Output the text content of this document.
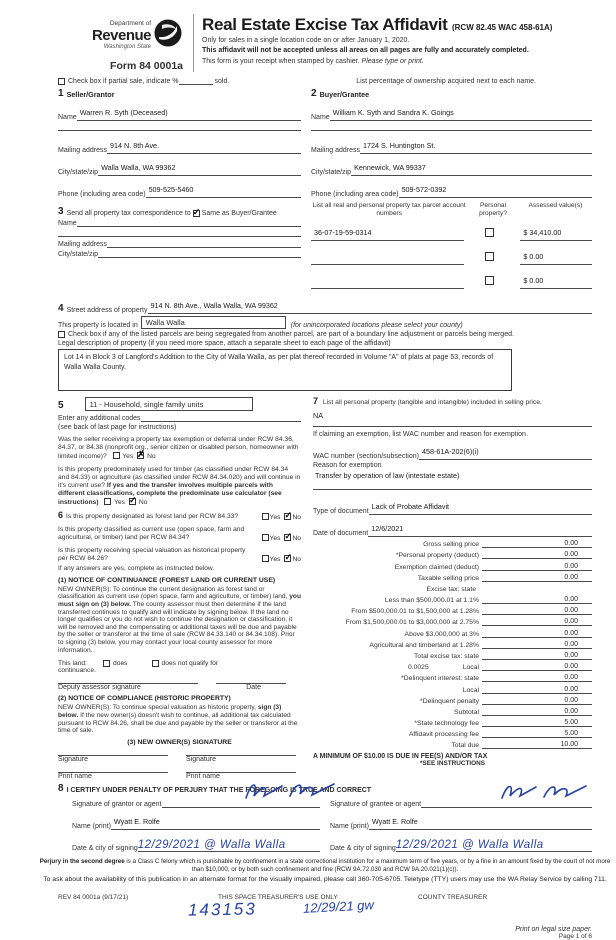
Department of
Revenue
Washington State
Form 84 0001a
Real Estate Excise Tax Affidavit (RCW 82.45 WAC 458-61A)
Only for sales in a single location code on or after January 1, 2020.
This affidavit will not be accepted unless all areas on all pages are fully and accurately completed.
This form is your receipt when stamped by cashier. Please type or print.
Check box if partial sale, indicate %	sold.	List percentage of ownership acquired next to each name.
1 Seller/Grantor
Name
Warren R. Syth (Deceased)
Mailing address
914 N. 8th Ave.
City/state/zip
Walla Walla, WA 99362
Phone (including area code)
509-525-5460
3 Send all property tax correspondence to ✓ Same as Buyer/Grantee
Name
Mailing address
City/state/zip
2 Buyer/Grantee
Name
William K. Syth and Sandra K. Goings
Mailing address
1724 S. Huntington St.
City/state/zip
Kennewick, WA 99337
Phone (including area code)
509-572-0392
List all real and personal property tax parcel account numbers
Personal property?
Assessed value(s)
36-07-19-59-0314	$ 34,410.00
$ 0.00
$ 0.00
4 Street address of property
914 N. 8th Ave., Walla Walla, WA 99362
This property is located in	Walla Walla	(for unincorporated locations please select your county)
Check box if any of the listed parcels are being segregated from another parcel, are part of a boundary line adjustment or parcels being merged.
Legal description of property (if you need more space, attach a separate sheet to each page of the affidavit)
Lot 14 in Block 3 of Langford's Addition to the City of Walla Walla, as per plat thereof recorded in Volume "A" of plats at page 53, records of Walla Walla County.
5	11 - Household, single family units
Enter any additional codes
(see back of last page for instructions)
Was the seller receiving a property tax exemption or deferral under RCW 84.36, 84.37, or 84.38 (nonprofit org., senior citizen or disabled person, homeowner with limited income)? Yes ✗ No
Is this property predominately used for timber (as classified under RCW 84.34 and 84.33) or agriculture (as classified under RCW 84.34.020) and will continue in it's current use? If yes and the transfer involves multiple parcels with different classifications, complete the predominate use calculator (see instructions) Yes ✓ No
6 Is this property designated as forest land per RCW 84.33?	Yes ✓ No
Is this property classified as current use (open space, farm and agricultural, or timber) land per RCW 84.34?	Yes ✓ No
Is this property receiving special valuation as historical property per RCW 84.26?	Yes ✓ No
If any answers are yes, complete as instructed below.
(1) NOTICE OF CONTINUANCE (FOREST LAND OR CURRENT USE)
NEW OWNER(S): To continue the current designation as forest land or classification as current use (open space, farm and agriculture, or timber) land, you must sign on (3) below. The county assessor must then determine if the land transferred continues to qualify and will indicate by signing below. If the land no longer qualifies or you do not wish to continue the designation or classification, it will be removed and the compensating or additional taxes will be due and payable by the seller or transferor at the time of sale (RCW 84.33.140 or 84.34.108). Prior to signing (3) below, you may contact your local county assessor for more information.
This land:	does	does not qualify for
continuance.
Deputy assessor signature	Date
(2) NOTICE OF COMPLIANCE (HISTORIC PROPERTY)
NEW OWNER(S): To continue special valuation as historic property, sign (3) below. If the new owner(s) doesn't wish to continue, all additional tax calculated pursuant to RCW 84.26, shall be due and payable by the seller or transferor at the time of sale.
(3) NEW OWNER(S) SIGNATURE
Signature	Signature
Print name	Print name
7 List all personal property (tangible and intangible) included in selling price.
NA
If claiming an exemption, list WAC number and reason for exemption.
WAC number (section/subsection)
458-61A-202(6)(i)
Reason for exemption
Transfer by operation of law (intestate estate)
Type of document
Lack of Probate Affidavit
Date of document
12/6/2021
Gross selling price	0.00
*Personal property (deduct)	0.00
Exemption claimed (deduct)	0.00
Taxable selling price	0.00
Excise tax: state
Less than $500,000.01 at 1.1%	0.00
From $500,000.01 to $1,500,000 at 1.28%	0.00
From $1,500,000.01 to $3,000,000 at 2.75%	0.00
Above $3,000,000 at 3%	0.00
Agricultural and timberland at 1.28%	0.00
Total excise tax: state	0.00
0.0025	Local	0.00
*Delinquent interest: state	0.00
Local	0.00
*Delinquent penalty	0.00
Subtotal	0.00
*State technology fee	5.00
Affidavit processing fee	5.00
Total due	10.00
A MINIMUM OF $10.00 IS DUE IN FEE(S) AND/OR TAX
*SEE INSTRUCTIONS
8 I CERTIFY UNDER PENALTY OF PERJURY THAT THE FOREGOING IS TRUE AND CORRECT
Signature of grantor or agent
Name (print)
Wyatt E. Rolfe
Date & city of signing 12/29/2021 @ Walla Walla
Signature of grantee or agent
Name (print)
Wyatt E. Rolfe
Date & city of signing 12/29/2021 @ Walla Walla
Perjury in the second degree is a Class C felony which is punishable by confinement in a state correctional institution for a maximum term of five years, or by a fine in an amount fixed by the court of not more than $10,000, or by both such confinement and fine (RCW 9A.72.030 and RCW 9A.20.021(1)(c)).
To ask about the availability of this publication in an alternate format for the visually impaired, please call 360-705-6705. Teletype (TTY) users may use the WA Relay Service by calling 711.
REV 84 0001a (9/17/21)	THIS SPACE TREASURER'S USE ONLY	COUNTY TREASURER
143153	12/29/21 gw
Print on legal size paper.
Page 1 of 6
